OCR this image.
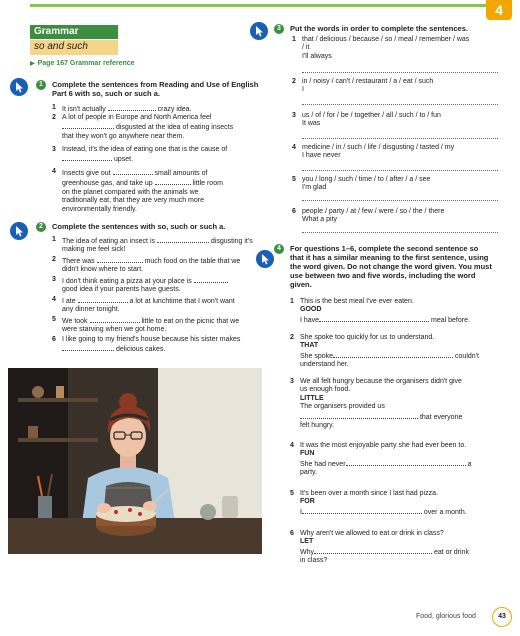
4
Grammar
so and such
▶ Page 167 Grammar reference
1	Complete the sentences from Reading and Use of English
Part 6 with so, such or such a.
1 It isn't actually	crazy idea.
2 A lot of people in Europe and North America feel
disgusted at the idea of eating insects
that they won't go anywhere near them.
3 Instead, it's the idea of eating one that is the cause of
upset.
4 Insects give out	small amounts of
greenhouse gas, and take up	little room
on the planet compared with the animals we
traditionally eat, that they are very much more
environmentally friendly.
2	Complete the sentences with so, such or such a.
1 The idea of eating an insect is	disgusting it's
making me feel sick!
2 There was	much food on the table that we
didn't know where to start.
3 I don't think eating a pizza at your place is
good idea if your parents have guests.
4 I ate	a lot at lunchtime that I won't want
any dinner tonight.
5 We took	little to eat on the picnic that we
were starving when we got home.
6 I like going to my friend's house because his sister makes
delicious cakes.
3	Put the words in order to complete the sentences.
1 that / delicious / because / so / meal / remember / was
/ it
I'll always
2 in / noisy / can't / restaurant / a / eat / such
I
3 us / of / for / be / together / all / such / to / fun
It was
4 medicine / in / such / life / disgusting / tasted / my
I have never
5 you / long / such / time / to / after / a / see
I'm glad
6 people / party / at / few / were / so / the / there
What a pity
4	For questions 1–6, complete the second sentence so
that it has a similar meaning to the first sentence, using
the word given. Do not change the word given. You must
use between two and five words, including the word
given.
1 This is the best meal I've ever eaten.
GOOD
I have	meal before.
2 She spoke too quickly for us to understand.
THAT
She spoke	couldn't
understand her.
3 We all felt hungry because the organisers didn't give
us enough food.
LITTLE
The organisers provided us
that everyone
felt hungry.
4 It was the most enjoyable party she had ever been to.
FUN
She had never	a
party.
5 It's been over a month since I last had pizza.
FOR
I	over a month.
6 Why aren't we allowed to eat or drink in class?
LET
Why	eat or drink
in class?
Food, glorious food	43
